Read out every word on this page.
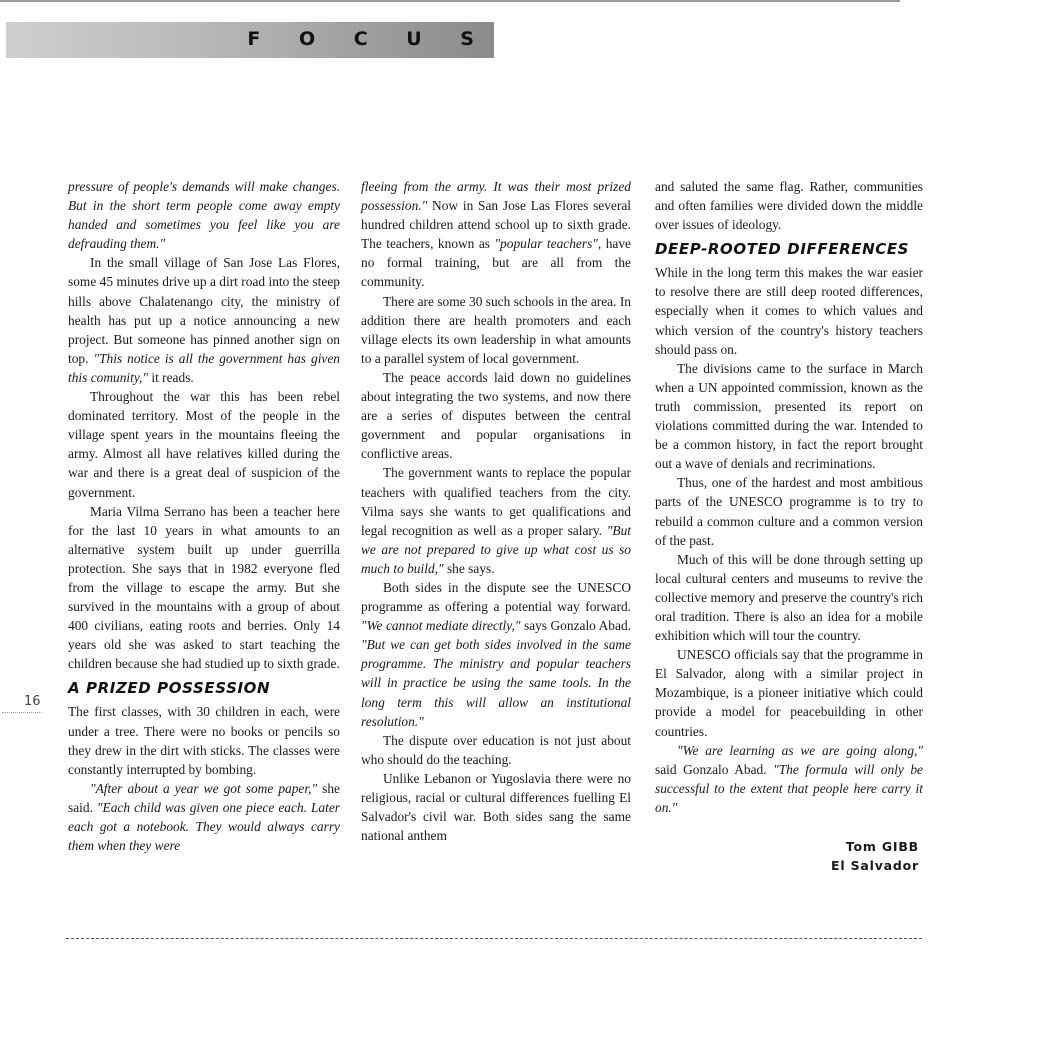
F O C U S
16

pressure of people's demands will make changes. But in the short term people come away empty handed and sometimes you feel like you are defrauding them."

In the small village of San Jose Las Flores, some 45 minutes drive up a dirt road into the steep hills above Chalatenango city, the ministry of health has put up a notice announcing a new project. But someone has pinned another sign on top. "This notice is all the government has given this comunity," it reads.

Throughout the war this has been rebel dominated territory. Most of the people in the village spent years in the mountains fleeing the army. Almost all have relatives killed during the war and there is a great deal of suspicion of the government.

Maria Vilma Serrano has been a teacher here for the last 10 years in what amounts to an alternative system built up under guerrilla protection. She says that in 1982 everyone fled from the village to escape the army. But she survived in the mountains with a group of about 400 civilians, eating roots and berries. Only 14 years old she was asked to start teaching the children because she had studied up to sixth grade.

A PRIZED POSSESSION

The first classes, with 30 children in each, were under a tree. There were no books or pencils so they drew in the dirt with sticks. The classes were constantly interrupted by bombing.

"After about a year we got some paper," she said. "Each child was given one piece each. Later each got a notebook. They would always carry them when they were

fleeing from the army. It was their most prized possession." Now in San Jose Las Flores several hundred children attend school up to sixth grade. The teachers, known as "popular teachers", have no formal training, but are all from the community.

There are some 30 such schools in the area. In addition there are health promoters and each village elects its own leadership in what amounts to a parallel system of local government.

The peace accords laid down no guidelines about integrating the two systems, and now there are a series of disputes between the central government and popular organisations in conflictive areas.

The government wants to replace the popular teachers with qualified teachers from the city. Vilma says she wants to get qualifications and legal recognition as well as a proper salary. "But we are not prepared to give up what cost us so much to build," she says.

Both sides in the dispute see the UNESCO programme as offering a potential way forward. "We cannot mediate directly," says Gonzalo Abad. "But we can get both sides involved in the same programme. The ministry and popular teachers will in practice be using the same tools. In the long term this will allow an institutional resolution."

The dispute over education is not just about who should do the teaching.

Unlike Lebanon or Yugoslavia there were no religious, racial or cultural differences fuelling El Salvador's civil war. Both sides sang the same national anthem

and saluted the same flag. Rather, communities and often families were divided down the middle over issues of ideology.

DEEP-ROOTED DIFFERENCES

While in the long term this makes the war easier to resolve there are still deep rooted differences, especially when it comes to which values and which version of the country's history teachers should pass on.

The divisions came to the surface in March when a UN appointed commission, known as the truth commission, presented its report on violations committed during the war. Intended to be a common history, in fact the report brought out a wave of denials and recriminations.

Thus, one of the hardest and most ambitious parts of the UNESCO programme is to try to rebuild a common culture and a common version of the past.

Much of this will be done through setting up local cultural centers and museums to revive the collective memory and preserve the country's rich oral tradition. There is also an idea for a mobile exhibition which will tour the country.

UNESCO officials say that the programme in El Salvador, along with a similar project in Mozambique, is a pioneer initiative which could provide a model for peacebuilding in other countries.

"We are learning as we are going along," said Gonzalo Abad. "The formula will only be successful to the extent that people here carry it on."

Tom GIBB
El Salvador
